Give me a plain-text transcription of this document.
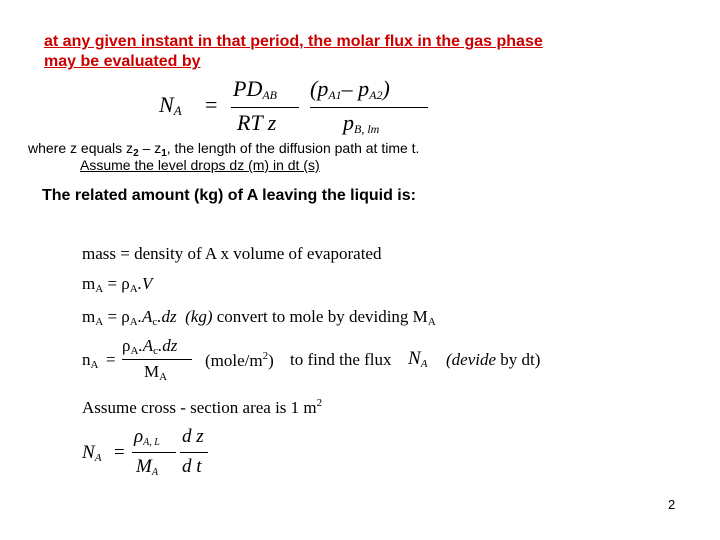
at any given instant in that period, the molar flux in the gas phase
may be evaluated by
$N_A$ =
$PD_{AB}$
RT z
($p_{A1}-$ $p_{A2}$)
$p_{B, lm}$
where z equals $z_2 - z_1$, the length of the diffusion path at time t.
Assume the level drops dz (m) in dt (s)
The related amount (kg) of A leaving the liquid is:
mass = density of A x volume of evaporated
$m_A = \rho_A.V$
$m_A = \rho_A.A_c.dz$ (kg) convert to mole by deviding $M_A$
$n_A$ =
$\rho_A.A_c.dz$
$M_A$
$(mole/m^2)$ to find the flux $N_A$ (devide by dt)
Assume cross - section area is 1 $m^2$
$N_A$ =
$\rho_{A, L}$
$M_A$
d z
d t
2
